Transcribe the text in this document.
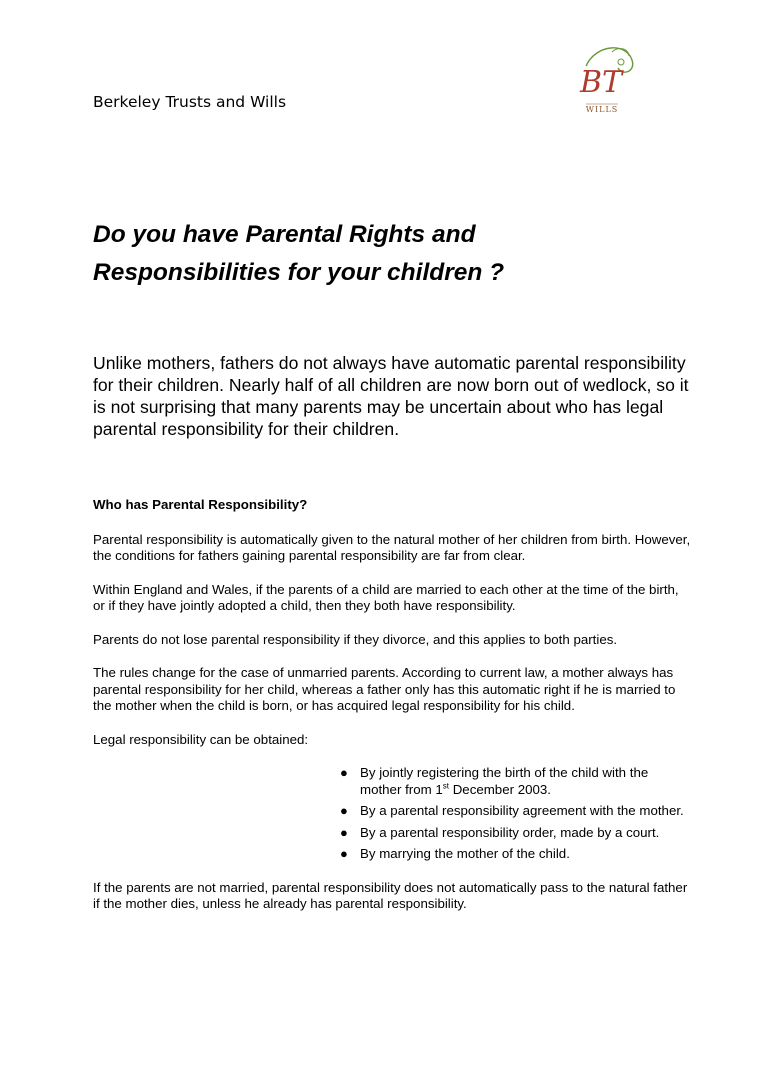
Berkeley Trusts and Wills
BT
WILLS
Do you have Parental Rights and
Responsibilities for your children ?

Unlike mothers, fathers do not always have automatic parental responsibility for their children. Nearly half of all children are now born out of wedlock, so it is not surprising that many parents may be uncertain about who has legal parental responsibility for their children.

Who has Parental Responsibility?

Parental responsibility is automatically given to the natural mother of her children from birth. However, the conditions for fathers gaining parental responsibility are far from clear.

Within England and Wales, if the parents of a child are married to each other at the time of the birth, or if they have jointly adopted a child, then they both have responsibility.

Parents do not lose parental responsibility if they divorce, and this applies to both parties.

The rules change for the case of unmarried parents. According to current law, a mother always has parental responsibility for her child, whereas a father only has this automatic right if he is married to the mother when the child is born, or has acquired legal responsibility for his child.

Legal responsibility can be obtained:

● By jointly registering the birth of the child with the mother from 1st December 2003.
● By a parental responsibility agreement with the mother.
● By a parental responsibility order, made by a court.
● By marrying the mother of the child.

If the parents are not married, parental responsibility does not automatically pass to the natural father if the mother dies, unless he already has parental responsibility.
